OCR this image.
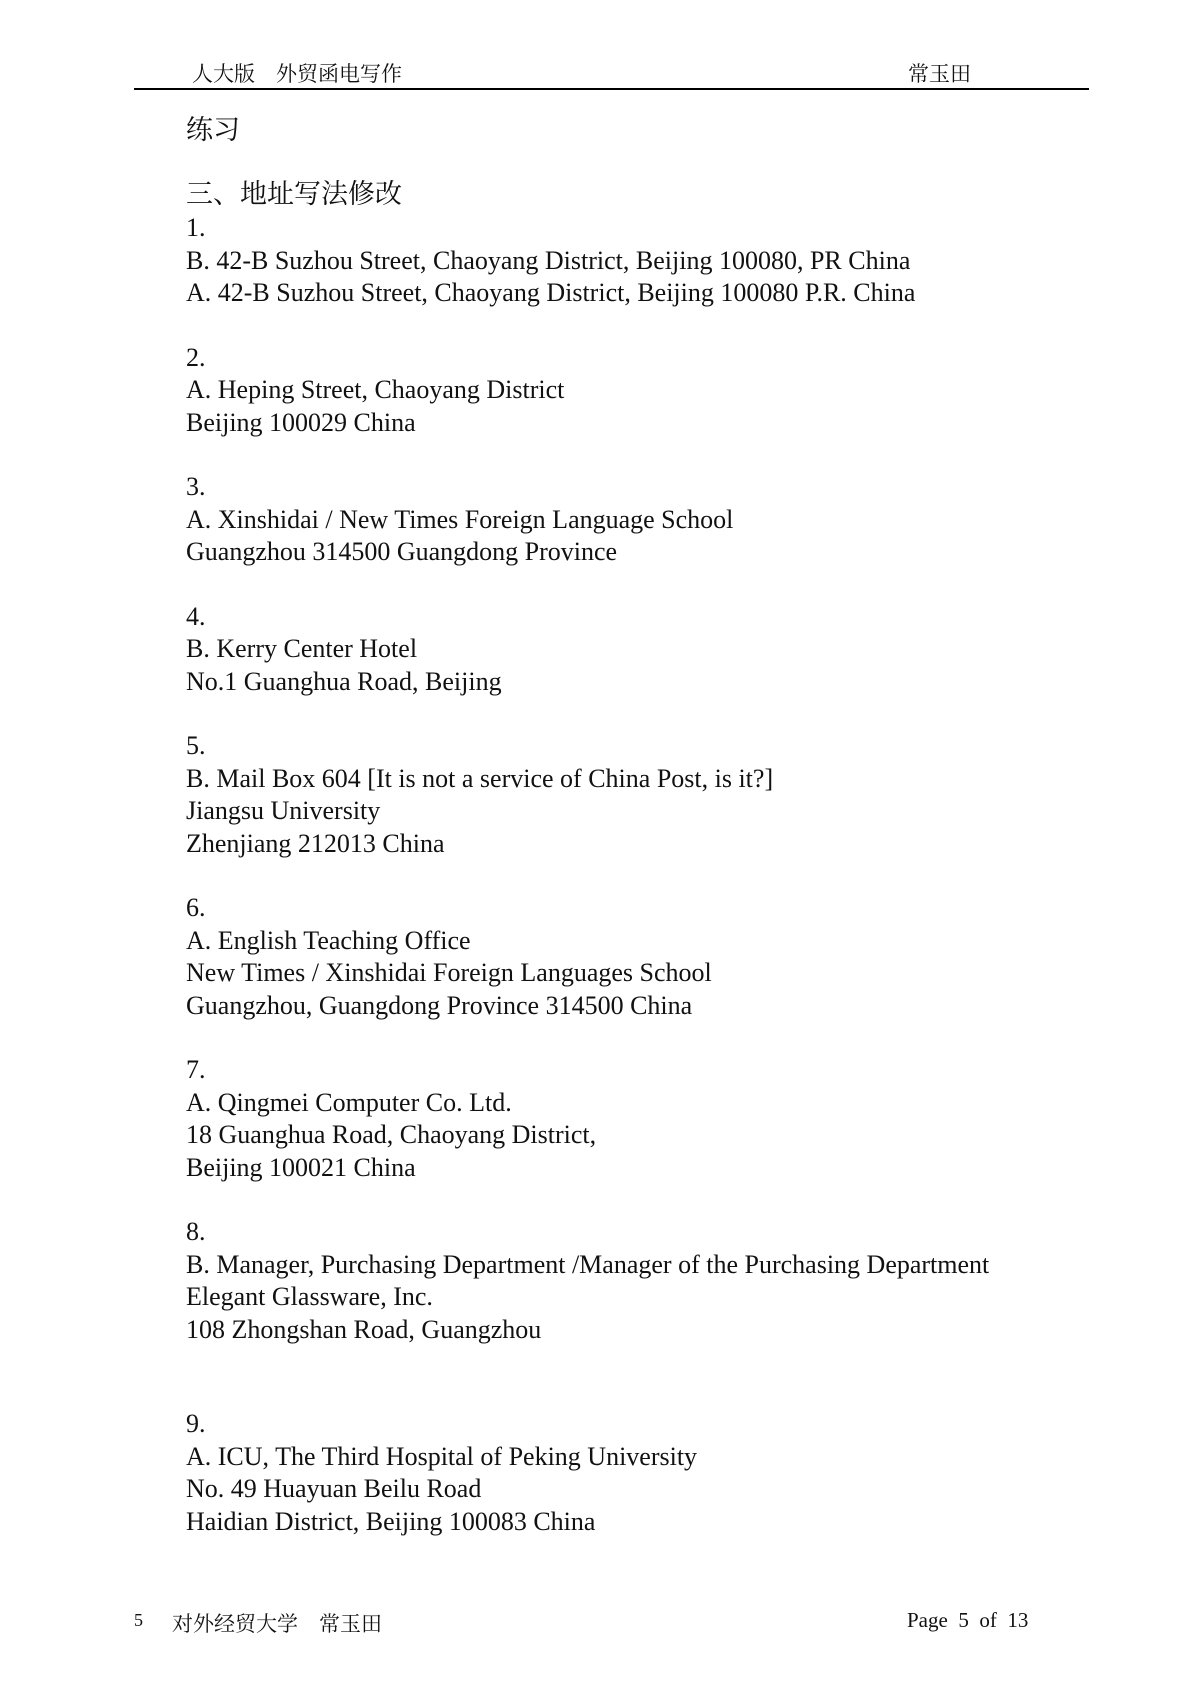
人大版　外贸函电写作	常玉田
练习
三、地址写法修改
1.
B. 42-B Suzhou Street, Chaoyang District, Beijing 100080, PR China
A. 42-B Suzhou Street, Chaoyang District, Beijing 100080 P.R. China
2.
A. Heping Street, Chaoyang District
Beijing 100029 China
3.
A. Xinshidai / New Times Foreign Language School
Guangzhou 314500 Guangdong Province
4.
B. Kerry Center Hotel
No.1 Guanghua Road, Beijing
5.
B. Mail Box 604 [It is not a service of China Post, is it?]
Jiangsu University
Zhenjiang 212013 China
6.
A. English Teaching Office
New Times / Xinshidai Foreign Languages School
Guangzhou, Guangdong Province 314500 China
7.
A. Qingmei Computer Co. Ltd.
18 Guanghua Road, Chaoyang District,
Beijing 100021 China
8.
B. Manager, Purchasing Department /Manager of the Purchasing Department
Elegant Glassware, Inc.
108 Zhongshan Road, Guangzhou
9.
A. ICU, The Third Hospital of Peking University
No. 49 Huayuan Beilu Road
Haidian District, Beijing 100083 China
5 对外经贸大学　常玉田	Page  5  of  13
